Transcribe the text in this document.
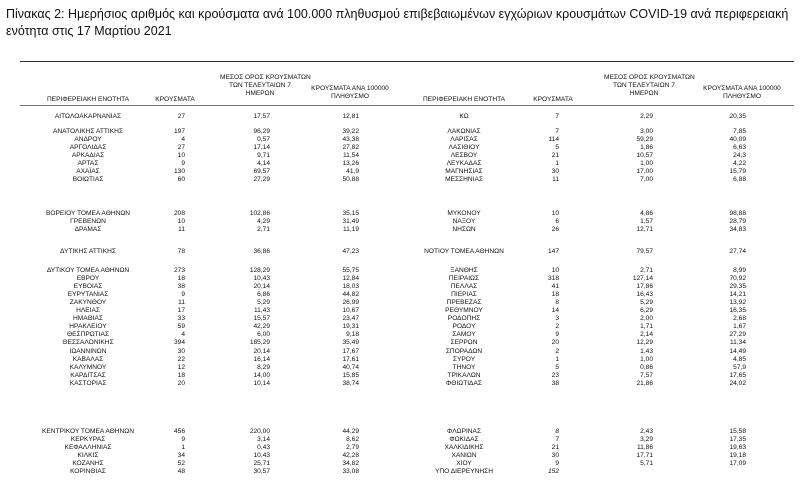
Πίνακας 2: Ημερήσιος αριθμός και κρούσματα ανά 100.000 πληθυσμού επιβεβαιωμένων εγχώριων κρουσμάτων COVID-19 ανά περιφερειακή ενότητα στις 17 Μαρτίου 2021
ΠΕΡΙΦΕΡΕΙΑΚΗ ΕΝΟΤΗΤΑ	ΚΡΟΥΣΜΑΤΑ
ΜΕΣΟΣ ΟΡΟΣ ΚΡΟΥΣΜΑΤΩΝ
ΤΩΝ ΤΕΛΕΥΤΑΙΩΝ 7
ΗΜΕΡΩΝ
ΚΡΟΥΣΜΑΤΑ ΑΝΑ 100000
ΠΛΗΘΥΣΜΟ	ΠΕΡΙΦΕΡΕΙΑΚΗ ΕΝΟΤΗΤΑ	ΚΡΟΥΣΜΑΤΑ
ΜΕΣΟΣ ΟΡΟΣ ΚΡΟΥΣΜΑΤΩΝ
ΤΩΝ ΤΕΛΕΥΤΑΙΩΝ 7
ΗΜΕΡΩΝ
ΚΡΟΥΣΜΑΤΑ ΑΝΑ 100000
ΠΛΗΘΥΣΜΟ
ΑΙΤΩΛΟΑΚΑΡΝΑΝΙΑΣ	27	17,57	12,81
ΑΝΑΤΟΛΙΚΗΣ ΑΤΤΙΚΗΣ	197	96,29	39,22
ΑΝΔΡΟΥ	4	0,57	43,38
ΑΡΓΟΛΙΔΑΣ	27	17,14	27,82
ΑΡΚΑΔΙΑΣ	10	9,71	11,54
ΑΡΤΑΣ	9	4,14	13,26
ΑΧΑΪΑΣ	130	69,57	41,9
ΒΟΙΩΤΙΑΣ	60	27,29	50,88
ΒΟΡΕΙΟΥ ΤΟΜΕΑ ΑΘΗΝΩΝ	208	102,86	35,15
ΓΡΕΒΕΝΩΝ	10	4,29	31,49
ΔΡΑΜΑΣ	11	2,71	11,19
ΔΥΤΙΚΗΣ ΑΤΤΙΚΗΣ	78	36,86	47,23
ΔΥΤΙΚΟΥ ΤΟΜΕΑ ΑΘΗΝΩΝ	273	128,29	55,75
ΕΒΡΟΥ	18	10,43	12,84
ΕΥΒΟΙΑΣ	38	20,14	18,03
ΕΥΡΥΤΑΝΙΑΣ	9	6,86	44,82
ΖΑΚΥΝΘΟΥ	11	5,29	26,99
ΗΛΕΙΑΣ	17	11,43	10,67
ΗΜΑΘΙΑΣ	33	15,57	23,47
ΗΡΑΚΛΕΙΟΥ	59	42,29	19,31
ΘΕΣΠΡΩΤΙΑΣ	4	6,00	9,18
ΘΕΣΣΑΛΟΝΙΚΗΣ	394	185,29	35,49
ΙΩΑΝΝΙΝΩΝ	30	20,14	17,67
ΚΑΒΑΛΑΣ	22	16,14	17,61
ΚΑΛΥΜΝΟΥ	12	8,29	40,74
ΚΑΡΔΙΤΣΑΣ	18	14,00	15,85
ΚΑΣΤΟΡΙΑΣ	20	10,14	38,74
ΚΕΝΤΡΙΚΟΥ ΤΟΜΕΑ ΑΘΗΝΩΝ	456	220,00	44,29
ΚΕΡΚΥΡΑΣ	9	3,14	8,62
ΚΕΦΑΛΛΗΝΙΑΣ	1	0,43	2,79
ΚΙΛΚΙΣ	34	10,43	42,28
ΚΟΖΑΝΗΣ	52	25,71	34,82
ΚΟΡΙΝΘΙΑΣ	48	30,57	33,08
ΚΩ	7	2,29	20,35
ΛΑΚΩΝΙΑΣ	7	3,00	7,85
ΛΑΡΙΣΑΣ	114	59,29	40,09
ΛΑΣΙΘΙΟΥ	5	1,86	6,63
ΛΕΣΒΟΥ	21	10,57	24,3
ΛΕΥΚΑΔΑΣ	1	1,00	4,22
ΜΑΓΝΗΣΙΑΣ	30	17,00	15,79
ΜΕΣΣΗΝΙΑΣ	11	7,00	6,88
ΜΥΚΟΝΟΥ	10	4,86	98,88
ΝΑΞΟΥ	6	1,57	28,79
ΝΗΣΩΝ	26	12,71	34,83
ΝΟΤΙΟΥ ΤΟΜΕΑ ΑΘΗΝΩΝ	147	79,57	27,74
ΞΑΝΘΗΣ	10	2,71	8,99
ΠΕΙΡΑΙΩΣ	318	127,14	70,92
ΠΕΛΛΑΣ	41	17,86	29,35
ΠΙΕΡΙΑΣ	18	16,43	14,21
ΠΡΕΒΕΖΑΣ	8	5,29	13,92
ΡΕΘΥΜΝΟΥ	14	6,29	16,35
ΡΟΔΟΠΗΣ	3	2,00	2,68
ΡΟΔΟΥ	2	1,71	1,67
ΣΑΜΟΥ	9	2,14	27,29
ΣΕΡΡΩΝ	20	12,29	11,34
ΣΠΟΡΑΔΩΝ	2	1,43	14,49
ΣΥΡΟΥ	1	1,00	4,85
ΤΗΝΟΥ	5	0,86	57,9
ΤΡΙΚΑΛΩΝ	23	7,57	17,65
ΦΘΙΩΤΙΔΑΣ	38	21,86	24,02
ΦΛΩΡΙΝΑΣ	8	2,43	15,58
ΦΩΚΙΔΑΣ	7	3,29	17,35
ΧΑΛΚΙΔΙΚΗΣ	21	11,86	19,63
ΧΑΝΙΩΝ	30	17,71	19,18
ΧΙΟΥ	9	5,71	17,09
ΥΠΟ ΔΙΕΡΕΥΝΗΣΗ	152
